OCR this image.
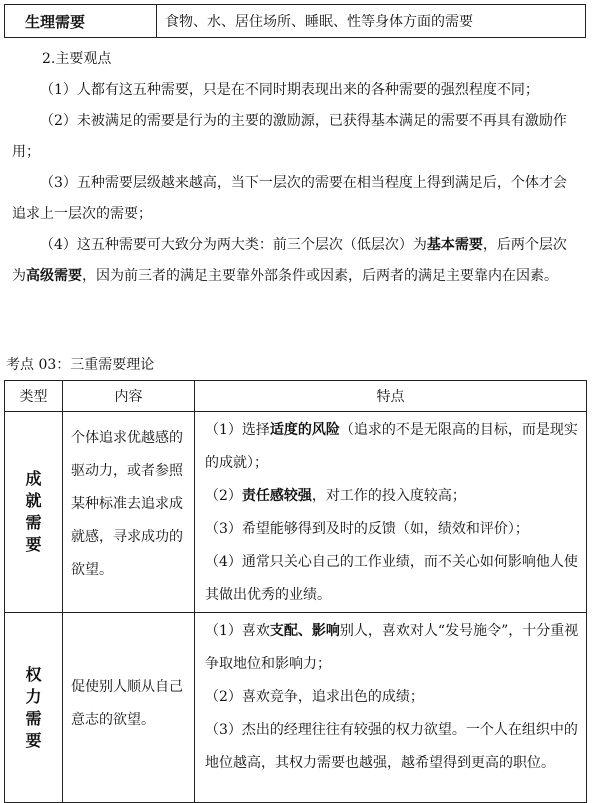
生理需要	食物、水、居住场所、睡眠、性等身体方面的需要

2.主要观点

（1）人都有这五种需要，只是在不同时期表现出来的各种需要的强烈程度不同；

（2）未被满足的需要是行为的主要的激励源，已获得基本满足的需要不再具有激励作用；

（3）五种需要层级越来越高，当下一层次的需要在相当程度上得到满足后，个体才会追求上一层次的需要；

（4）这五种需要可大致分为两大类：前三个层次（低层次）为基本需要，后两个层次为高级需要，因为前三者的满足主要靠外部条件或因素，后两者的满足主要靠内在因素。

考点 03：三重需要理论
类型	内容	特点
成就需要	个体追求优越感的驱动力，或者参照某种标准去追求成就感，寻求成功的欲望。	（1）选择适度的风险（追求的不是无限高的目标，而是现实的成就）；

（2）责任感较强，对工作的投入度较高；

（3）希望能够得到及时的反馈（如，绩效和评价）；

（4）通常只关心自己的工作业绩，而不关心如何影响他人使其做出优秀的业绩。

权力需要	促使别人顺从自己意志的欲望。	（1）喜欢支配、影响别人，喜欢对人“发号施令”，十分重视争取地位和影响力；

（2）喜欢竞争，追求出色的成绩；

（3）杰出的经理往往有较强的权力欲望。一个人在组织中的地位越高，其权力需要也越强，越希望得到更高的职位。
